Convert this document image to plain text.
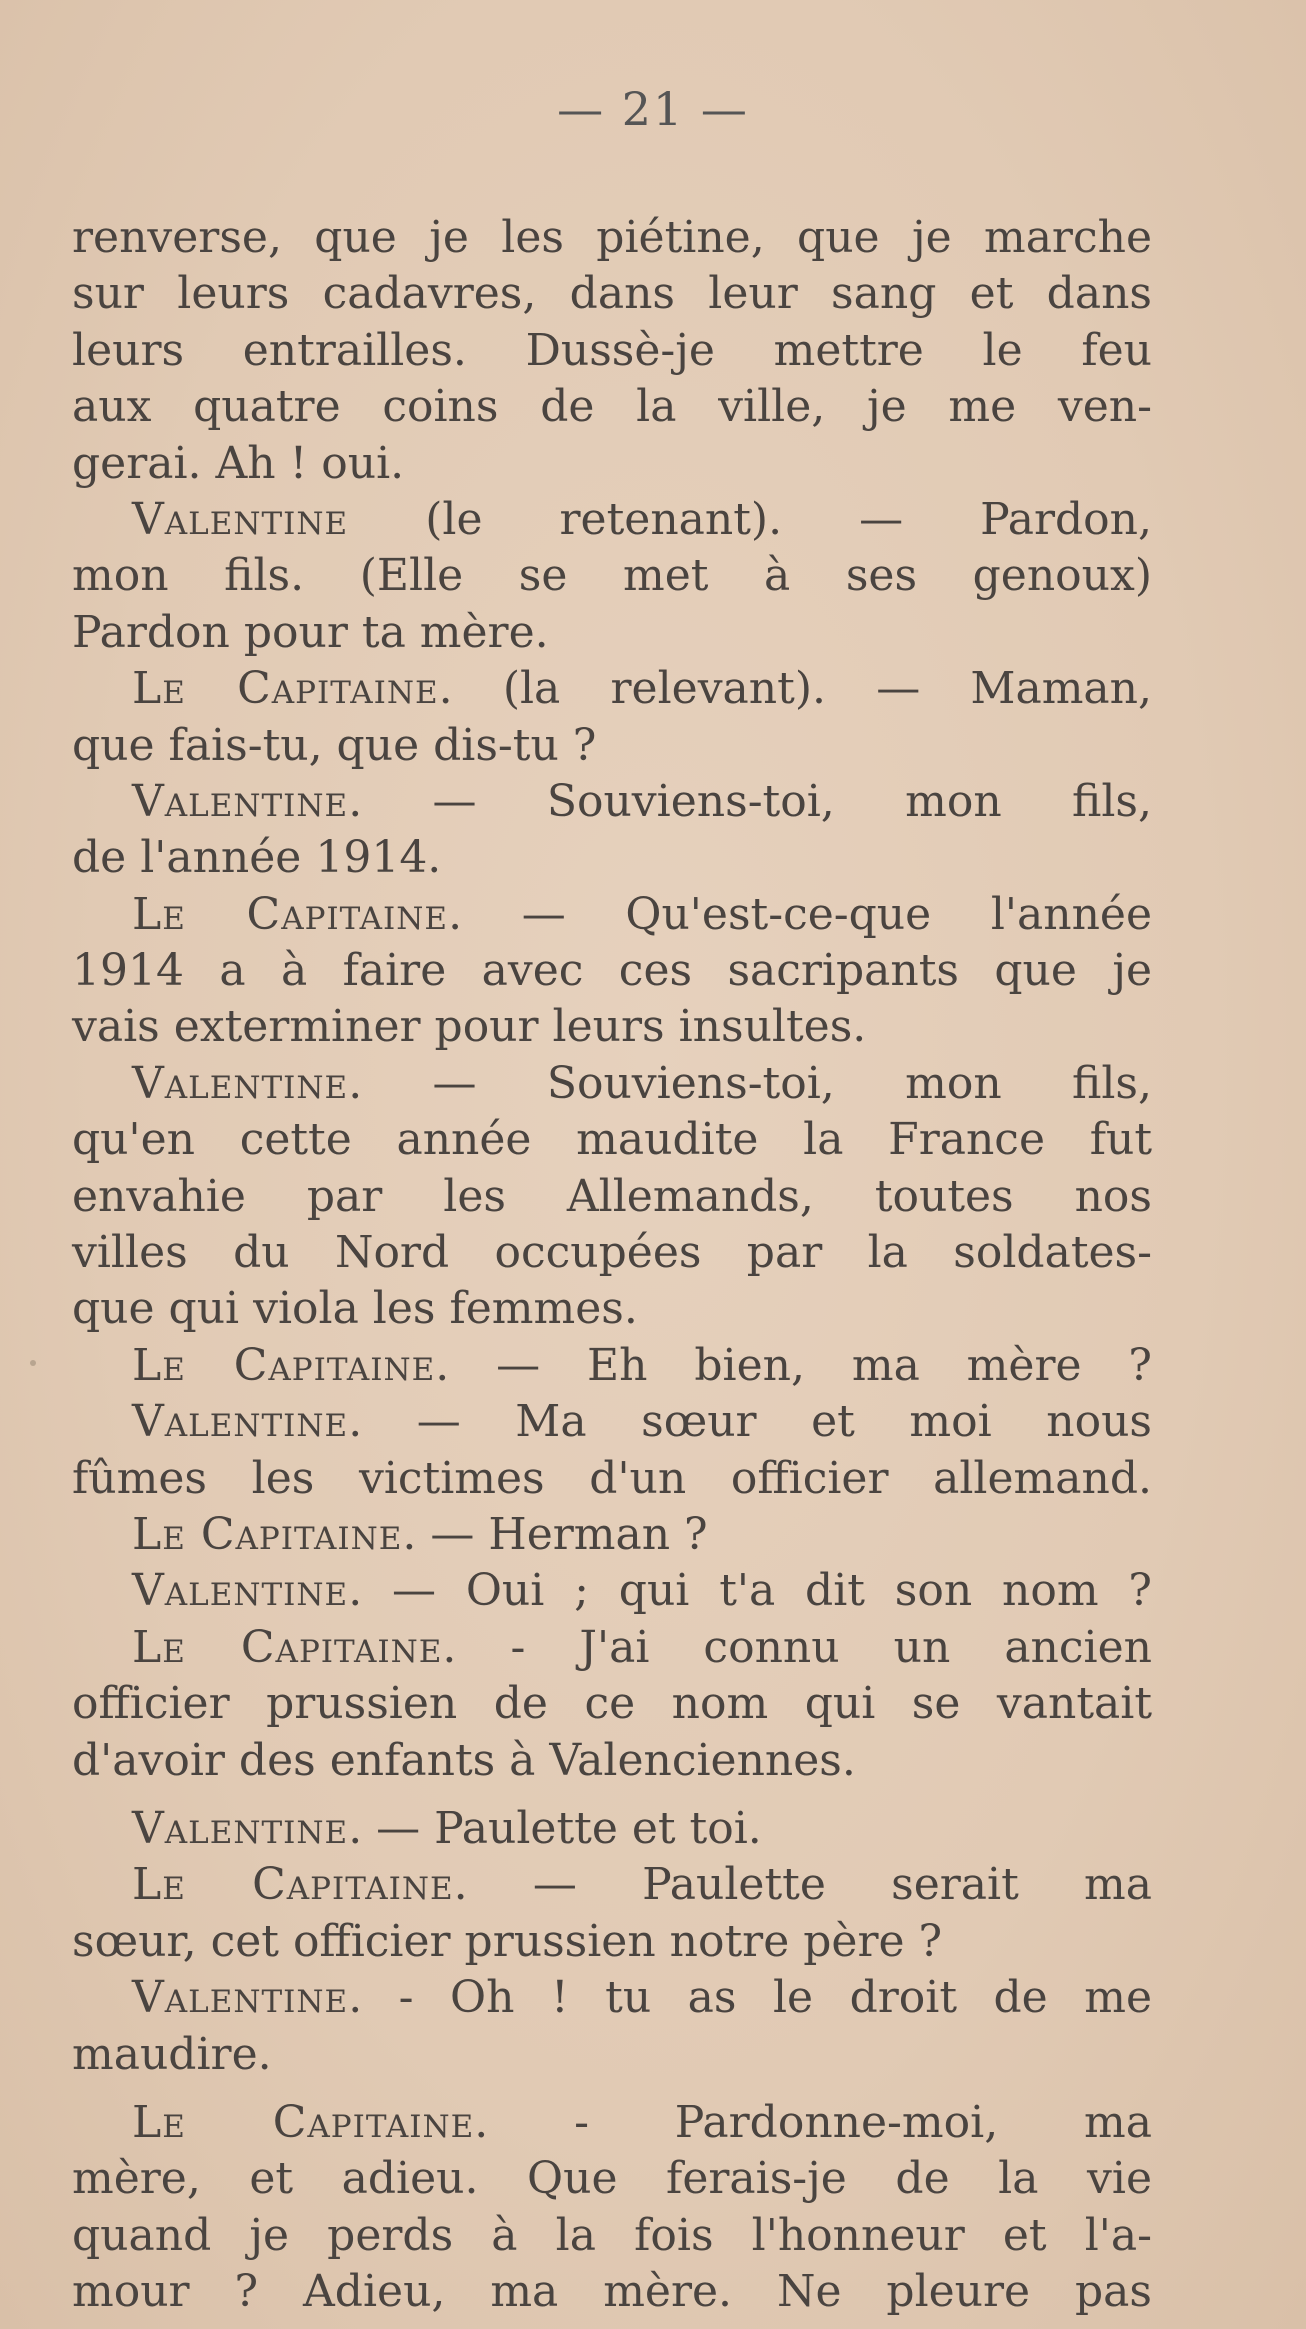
— 21 —
renverse, que je les piétine, que je marche
sur leurs cadavres, dans leur sang et dans
leurs entrailles. Dussè-je mettre le feu
aux quatre coins de la ville, je me ven-
gerai. Ah ! oui.
Valentine (le retenant). — Pardon,
mon fils. (Elle se met à ses genoux)
Pardon pour ta mère.
Le Capitaine. (la relevant). — Maman,
que fais-tu, que dis-tu ?
Valentine. — Souviens-toi, mon fils,
de l'année 1914.
Le Capitaine. — Qu'est-ce-que l'année
1914 a à faire avec ces sacripants que je
vais exterminer pour leurs insultes.
Valentine. — Souviens-toi, mon fils,
qu'en cette année maudite la France fut
envahie par les Allemands, toutes nos
villes du Nord occupées par la soldates-
que qui viola les femmes.
Le Capitaine. — Eh bien, ma mère ?
Valentine. — Ma sœur et moi nous
fûmes les victimes d'un officier allemand.
Le Capitaine. — Herman ?
Valentine. — Oui ; qui t'a dit son nom ?
Le Capitaine. - J'ai connu un ancien
officier prussien de ce nom qui se vantait
d'avoir des enfants à Valenciennes.
Valentine. — Paulette et toi.
Le Capitaine. — Paulette serait ma
sœur, cet officier prussien notre père ?
Valentine. - Oh ! tu as le droit de me
maudire.
Le Capitaine. - Pardonne-moi, ma
mère, et adieu. Que ferais-je de la vie
quand je perds à la fois l'honneur et l'a-
mour ? Adieu, ma mère. Ne pleure pas
